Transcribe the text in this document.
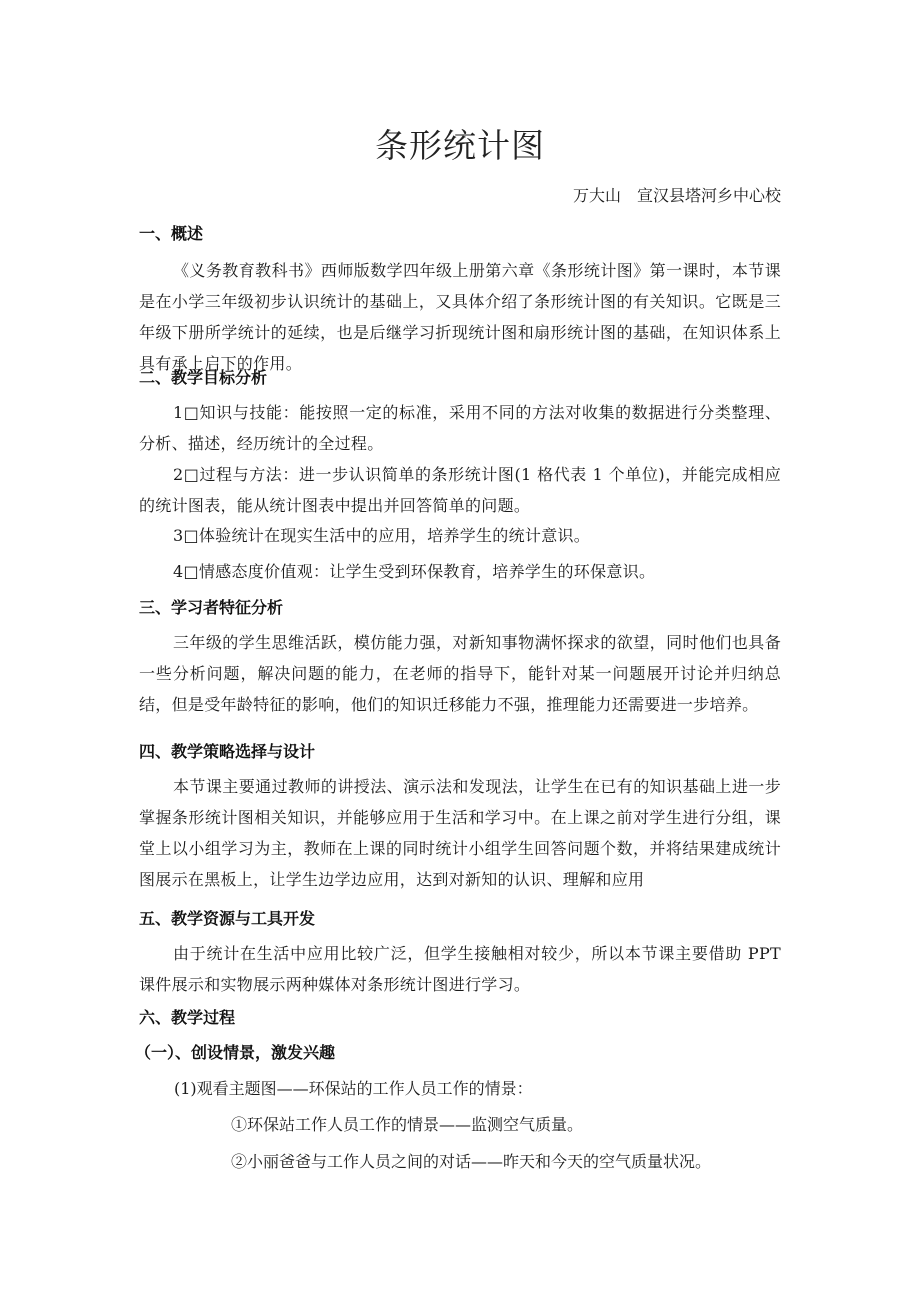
条形统计图
万大山　宣汉县塔河乡中心校
一、概述
《义务教育教科书》西师版数学四年级上册第六章《条形统计图》第一课时，本节课是在小学三年级初步认识统计的基础上，又具体介绍了条形统计图的有关知识。它既是三年级下册所学统计的延续，也是后继学习折现统计图和扇形统计图的基础，在知识体系上具有承上启下的作用。
二、教学目标分析
1□知识与技能：能按照一定的标准，采用不同的方法对收集的数据进行分类整理、分析、描述，经历统计的全过程。
2□过程与方法：进一步认识简单的条形统计图(1 格代表 1 个单位)，并能完成相应的统计图表，能从统计图表中提出并回答简单的问题。
3□体验统计在现实生活中的应用，培养学生的统计意识。
4□情感态度价值观：让学生受到环保教育，培养学生的环保意识。
三、学习者特征分析
三年级的学生思维活跃，模仿能力强，对新知事物满怀探求的欲望，同时他们也具备一些分析问题，解决问题的能力，在老师的指导下，能针对某一问题展开讨论并归纳总结，但是受年龄特征的影响，他们的知识迁移能力不强，推理能力还需要进一步培养。
四、教学策略选择与设计
本节课主要通过教师的讲授法、演示法和发现法，让学生在已有的知识基础上进一步掌握条形统计图相关知识，并能够应用于生活和学习中。在上课之前对学生进行分组，课堂上以小组学习为主，教师在上课的同时统计小组学生回答问题个数，并将结果建成统计图展示在黑板上，让学生边学边应用，达到对新知的认识、理解和应用
五、教学资源与工具开发
由于统计在生活中应用比较广泛，但学生接触相对较少，所以本节课主要借助 PPT 课件展示和实物展示两种媒体对条形统计图进行学习。
六、教学过程
（一）、创设情景，激发兴趣
(1)观看主题图——环保站的工作人员工作的情景：
①环保站工作人员工作的情景——监测空气质量。
②小丽爸爸与工作人员之间的对话——昨天和今天的空气质量状况。
